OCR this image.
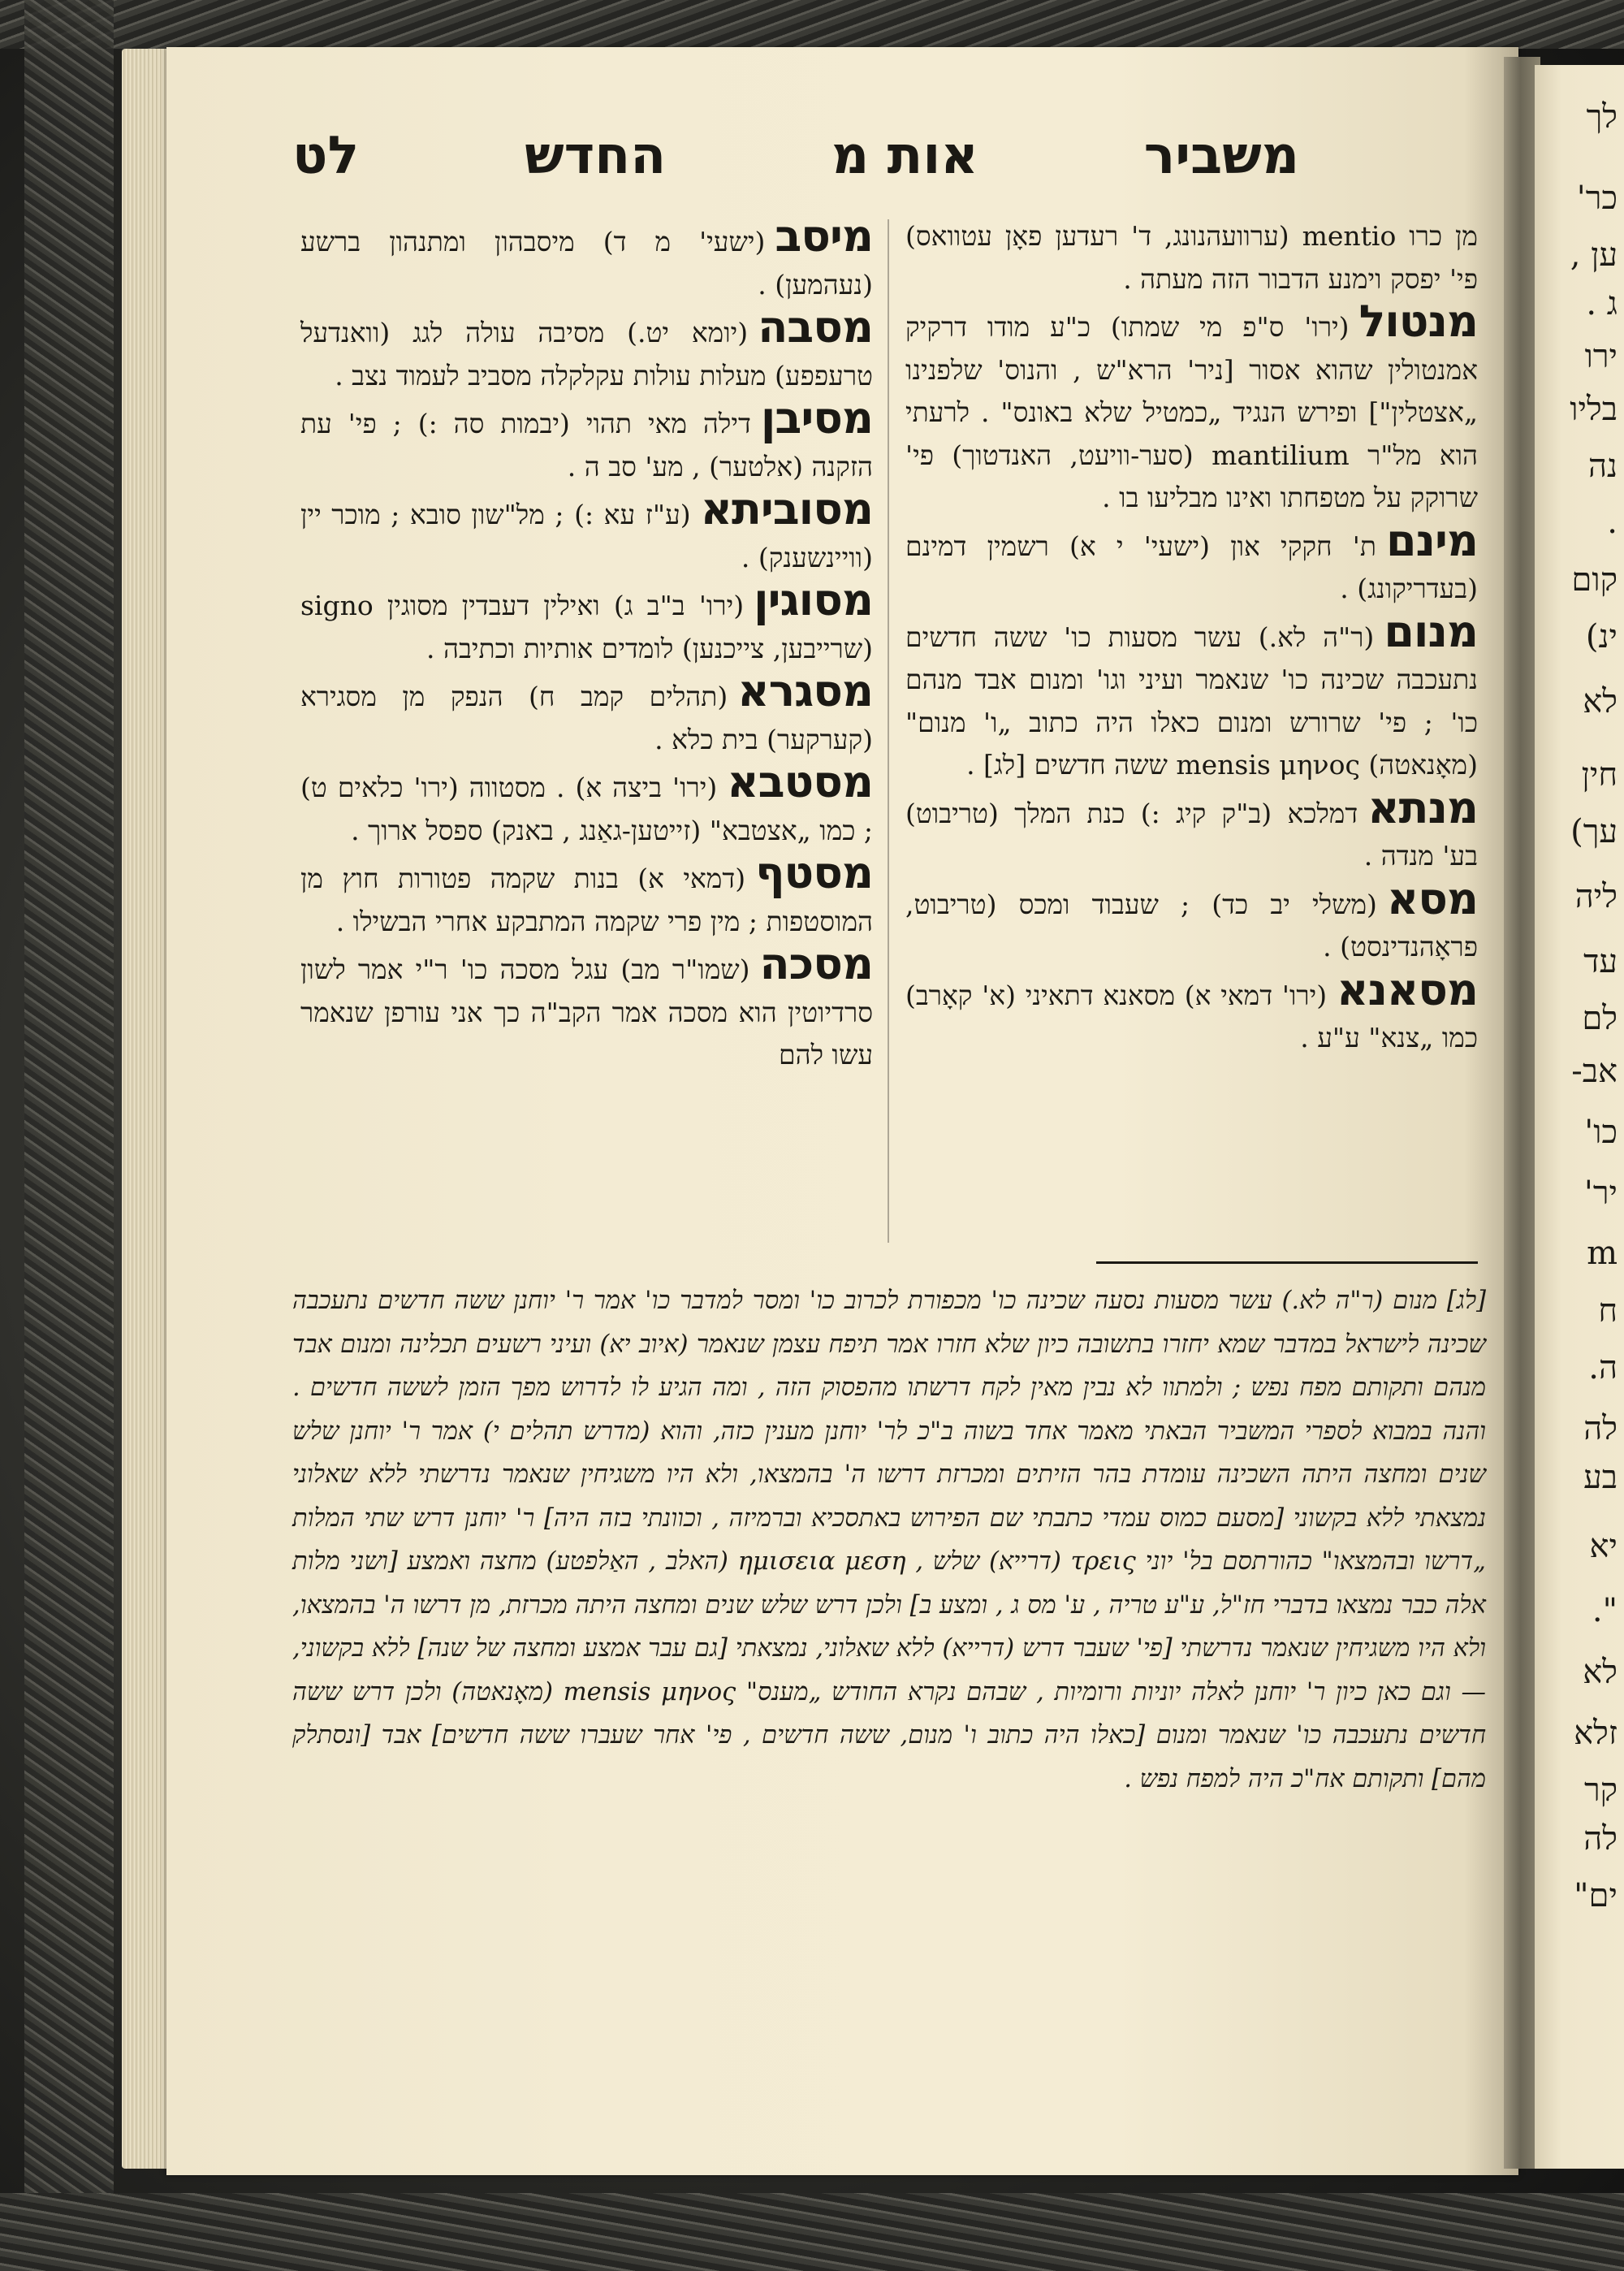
לך
כר'
ען ,
ג .
ירו
בליו
נה
.
קום
ינ)
לא
חין
עך)
ליה
עד
לם
אב-
כו'
יר'
m
ח
ה.
לה
בע
יא
".
לא
זלא
קר
לה
ים"
משביר
אות מ
החדש
לט

מן כרו mentio (ערוועהנונג, ד' רעדען פאָן עטוואס) פי' יפסק וימנע הדבור הזה מעתה .

מנטול(ירו' ס"פ מי שמתו) כ"ע מודו דרקיק אמנטולין שהוא אסור [ניר' הרא"ש , והנוס' שלפנינו „אצטלין"] ופירש הנגיד „כמטיל שלא באונס" . לרעתי הוא מל"ר mantilium (סער-וויעט, האנדטוך) פי' שרוקק על מטפחתו ואינו מבליעו בו .

מינםת' חקקי און (ישעי' י א) רשמין דמינם (בעדריקונג) .

מנום(ר"ה לא.) עשר מסעות כו' ששה חדשים נתעכבה שכינה כו' שנאמר ועיני וגו' ומנום אבד מנהם כו' ; פי' שרורש ומנום כאלו היה כתוב „ו' מנום" (מאָנאטה) mensis μηνος ששה חדשים [לג] .

מנתאדמלכא (ב"ק קיג :) כנת המלך (טריבוט) בע' מנדה .

מסא(משלי יב כד) ; שעבוד ומכס (טריבוט, פראָהנדינסט) .

מסאנא(ירו' דמאי א) מסאנא דתאיני (א' קאָרב) כמו „צנא" ע"ע .

מיסב(ישעי' מ ד) מיסבהון ומתנהון ברשע (נעהמען) .

מסבה(יומא יט.) מסיבה עולה לגג (וואנדעל טרעפפע) מעלות עולות עקלקלה מסביב לעמוד נצב .

מסיבןדילה מאי תהוי (יבמות סה :) ; פי' עת הזקנה (אלטער) , מע' סב ה .

מסוביתא(ע"ז עא :) ; מל"שון סובא ; מוכר יין (וויינשענק) .

מסוגין(ירו' ב"ב ג) ואילין דעבדין מסוגין signo (שרייבען, צייכנען) לומדים אותיות וכתיבה .

מסגרא(תהלים קמב ח) הנפק מן מסגירא (קערקער) בית כלא .

מסטבא(ירו' ביצה א) . מסטווה (ירו' כלאים ט) ; כמו „אצטבא" (זייטען-גאַנג , באנק) ספסל ארוך .

מסטף(דמאי א) בנות שקמה פטורות חוץ מן המוסטפות ; מין פרי שקמה המתבקע אחרי הבשילו .

מסכה(שמו"ר מב) עגל מסכה כו' ר"י אמר לשון סרדיוטין הוא מסכה אמר הקב"ה כך אני עורפן שנאמר עשו להם

[לג] מנום (ר"ה לא.) עשר מסעות נסעה שכינה כו' מכפורת לכרוב כו' ומסר למדבר כו' אמר ר' יוחנן ששה חדשים נתעכבה שכינה לישראל במדבר שמא יחזרו בתשובה כיון שלא חזרו אמר תיפח עצמן שנאמר (איוב יא) ועיני רשעים תכלינה ומנום אבד מנהם ותקותם מפח נפש ; ולמתוו לא נבין מאין לקח דרשתו מהפסוק הזה , ומה הגיע לו לדרוש מפך הזמן לששה חדשים . והנה במבוא לספרי המשביר הבאתי מאמר אחד בשוה ב"כ לר' יוחנן מענין כזה, והוא (מדרש תהלים י) אמר ר' יוחנן שלש שנים ומחצה היתה השכינה עומדת בהר הזיתים ומכרזת דרשו ה' בהמצאו, ולא היו משגיחין שנאמר נדרשתי ללא שאלוני נמצאתי ללא בקשוני [מסעם כמוס עמדי כתבתי שם הפירוש באתסכיא וברמיזה , וכוונתי בזה היה] ר' יוחנן דרש שתי המלות „דרשו ובהמצאו" כהורתסם בל' יוני τρεις (דרייא) שלש , ημισεια μεση (האלב , האַלפטע) מחצה ואמצע [ושני מלות אלה כבר נמצאו בדברי חז"ל, ע"ע טריה , ע' מס ג , ומצע ב] ולכן דרש שלש שנים ומחצה היתה מכרזת, מן דרשו ה' בהמצאו, ולא היו משגיחין שנאמר נדרשתי [פי' שעבר דרש (דרייא) ללא שאלוני, נמצאתי [גם עבר אמצע ומחצה של שנה] ללא בקשוני,— וגם כאן כיון ר' יוחנן לאלה יוניות ורומיות , שבהם נקרא החודש „מענס" mensis μηνος (מאָנאטה) ולכן דרש ששה חדשים נתעכבה כו' שנאמר ומנום [כאלו היה כתוב ו' מנום, ששה חדשים , פי' אחר שעברו ששה חדשים] אבד [ונסתלק מהם] ותקותם אח"כ היה למפח נפש .
